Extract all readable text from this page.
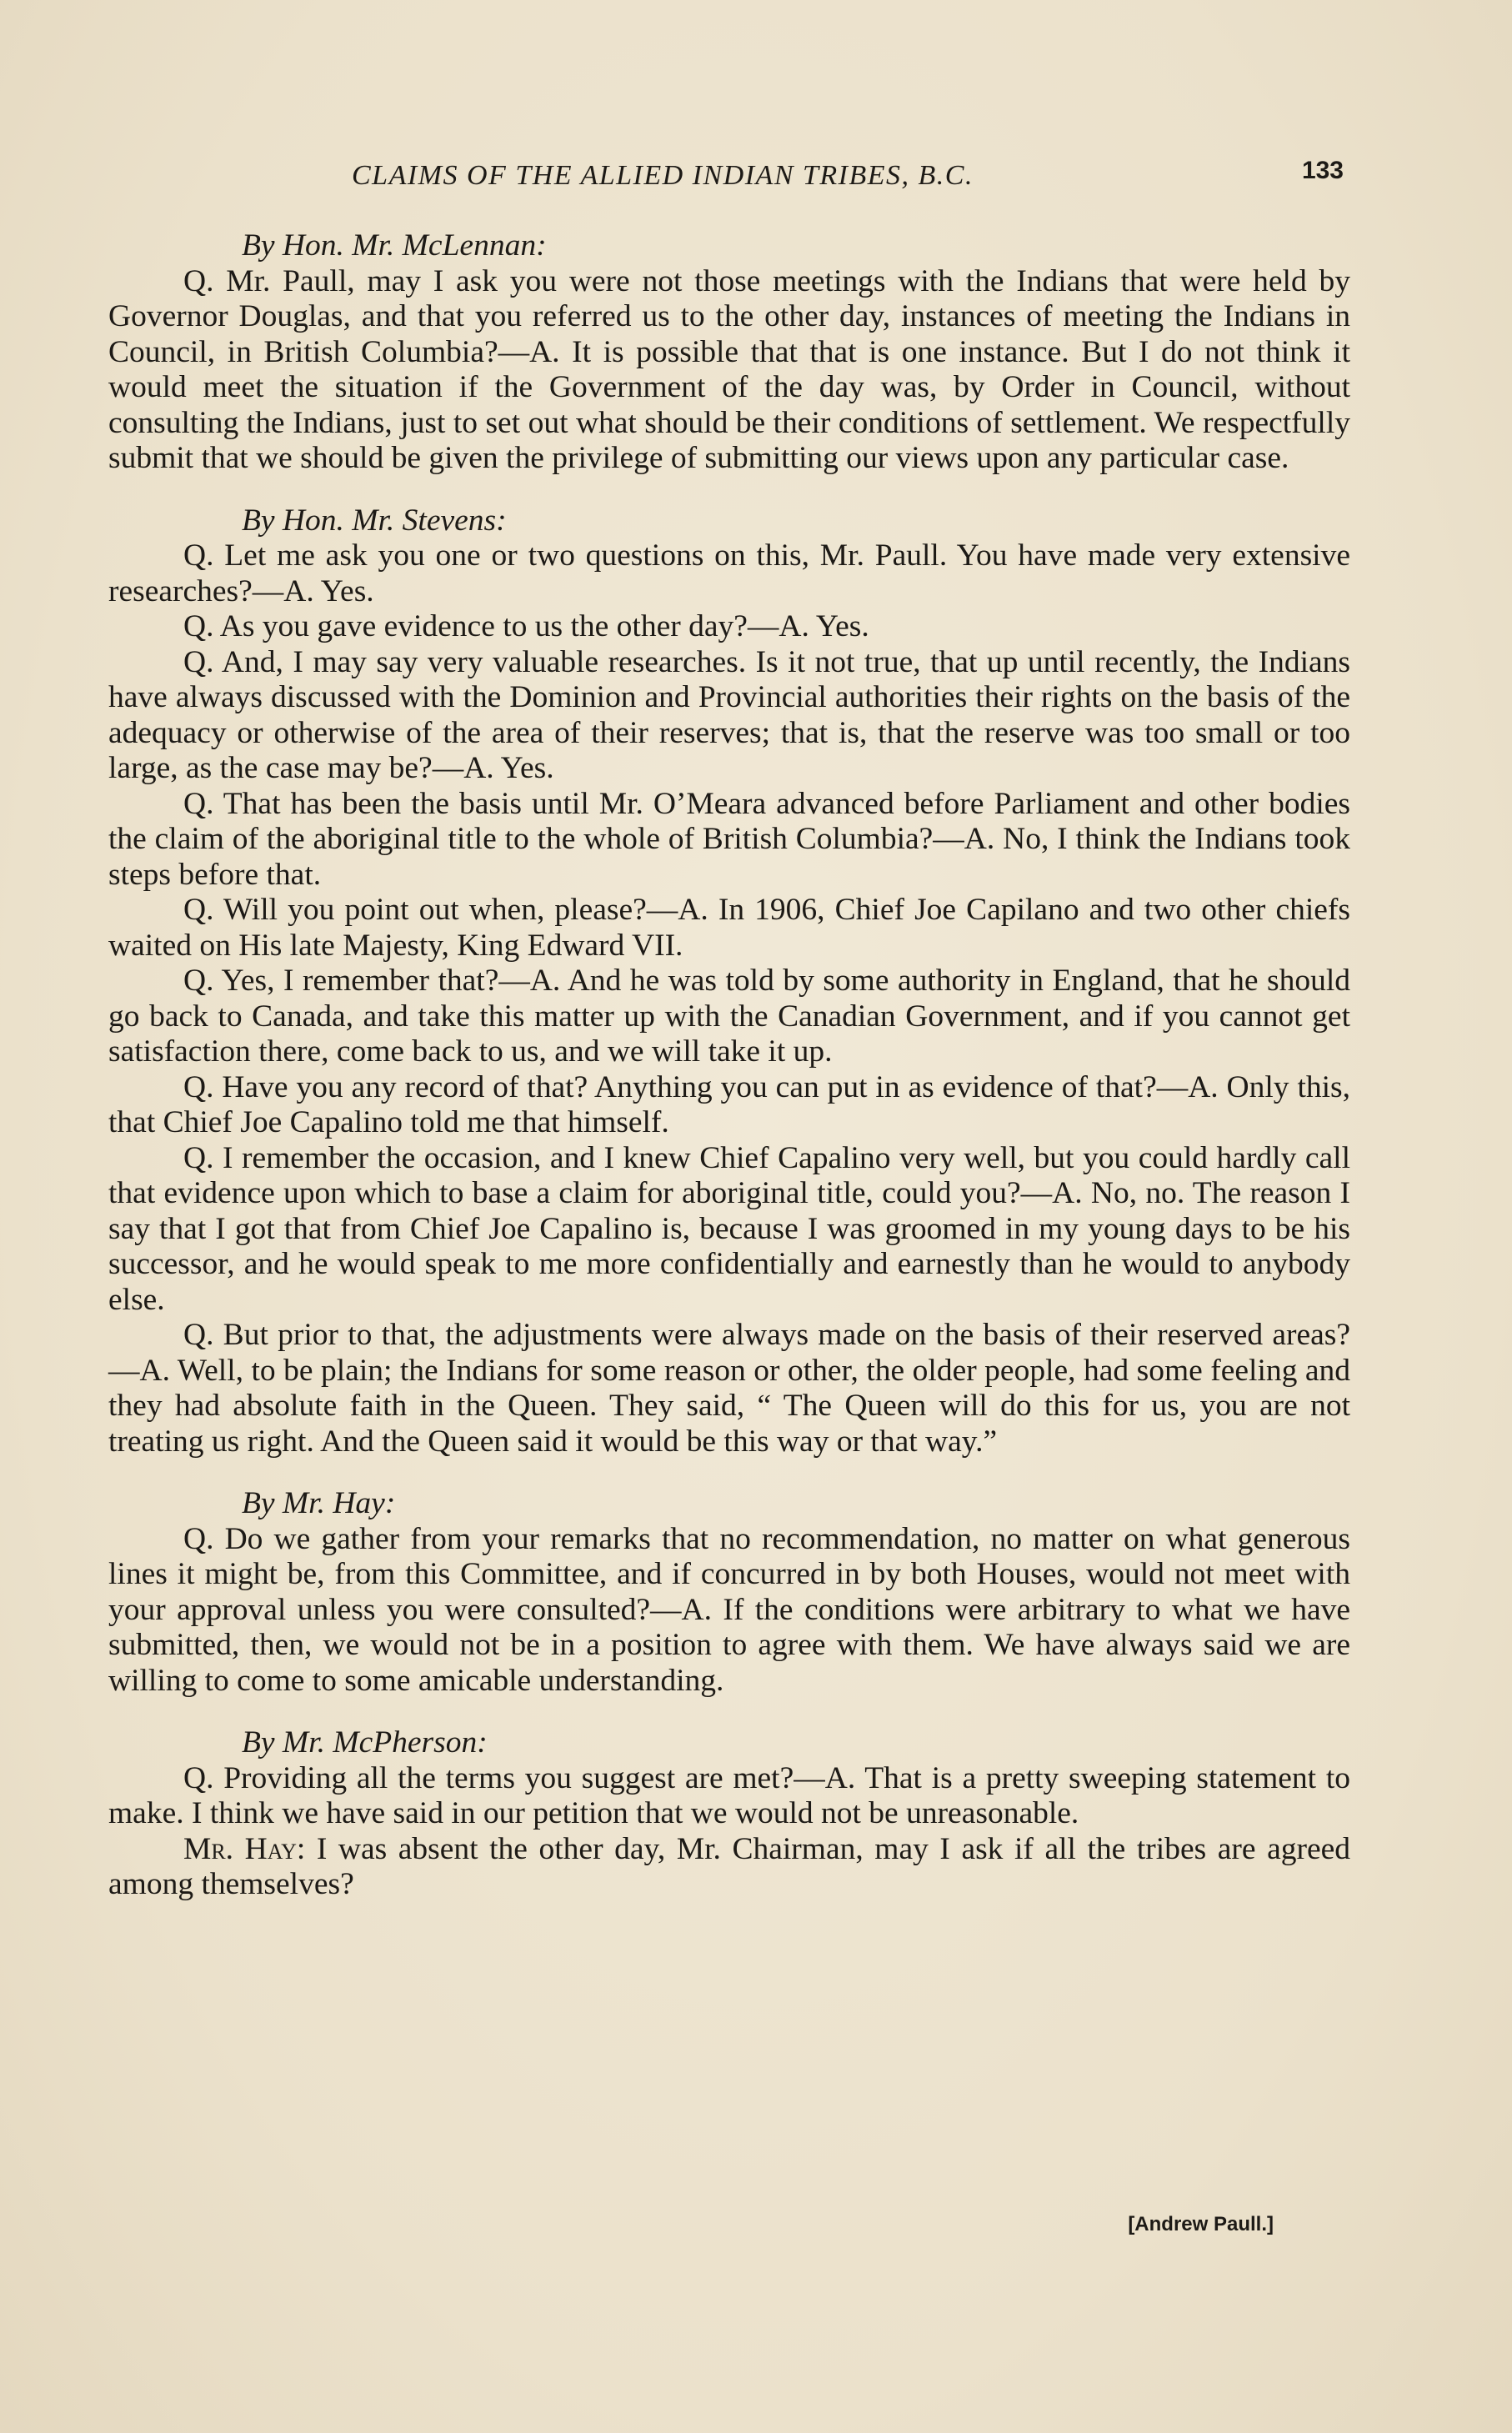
CLAIMS OF THE ALLIED INDIAN TRIBES, B.C.	133

By Hon. Mr. McLennan:

Q. Mr. Paull, may I ask you were not those meetings with the Indians that were held by Governor Douglas, and that you referred us to the other day, instances of meeting the Indians in Council, in British Columbia?—A. It is possible that that is one instance. But I do not think it would meet the situation if the Government of the day was, by Order in Council, without consulting the Indians, just to set out what should be their conditions of settlement. We respectfully submit that we should be given the privilege of submitting our views upon any particular case.

By Hon. Mr. Stevens:

Q. Let me ask you one or two questions on this, Mr. Paull. You have made very extensive researches?—A. Yes.

Q. As you gave evidence to us the other day?—A. Yes.

Q. And, I may say very valuable researches. Is it not true, that up until recently, the Indians have always discussed with the Dominion and Provincial authorities their rights on the basis of the adequacy or otherwise of the area of their reserves; that is, that the reserve was too small or too large, as the case may be?—A. Yes.

Q. That has been the basis until Mr. O’Meara advanced before Parliament and other bodies the claim of the aboriginal title to the whole of British Columbia?—A. No, I think the Indians took steps before that.

Q. Will you point out when, please?—A. In 1906, Chief Joe Capilano and two other chiefs waited on His late Majesty, King Edward VII.

Q. Yes, I remember that?—A. And he was told by some authority in England, that he should go back to Canada, and take this matter up with the Canadian Government, and if you cannot get satisfaction there, come back to us, and we will take it up.

Q. Have you any record of that? Anything you can put in as evidence of that?—A. Only this, that Chief Joe Capalino told me that himself.

Q. I remember the occasion, and I knew Chief Capalino very well, but you could hardly call that evidence upon which to base a claim for aboriginal title, could you?—A. No, no. The reason I say that I got that from Chief Joe Capalino is, because I was groomed in my young days to be his successor, and he would speak to me more confidentially and earnestly than he would to anybody else.

Q. But prior to that, the adjustments were always made on the basis of their reserved areas?—A. Well, to be plain; the Indians for some reason or other, the older people, had some feeling and they had absolute faith in the Queen. They said, “ The Queen will do this for us, you are not treating us right. And the Queen said it would be this way or that way.”

By Mr. Hay:

Q. Do we gather from your remarks that no recommendation, no matter on what generous lines it might be, from this Committee, and if concurred in by both Houses, would not meet with your approval unless you were consulted?—A. If the conditions were arbitrary to what we have submitted, then, we would not be in a position to agree with them. We have always said we are willing to come to some amicable understanding.

By Mr. McPherson:

Q. Providing all the terms you suggest are met?—A. That is a pretty sweeping statement to make. I think we have said in our petition that we would not be unreasonable.

Mr. Hay: I was absent the other day, Mr. Chairman, may I ask if all the tribes are agreed among themselves?

[Andrew Paull.]
